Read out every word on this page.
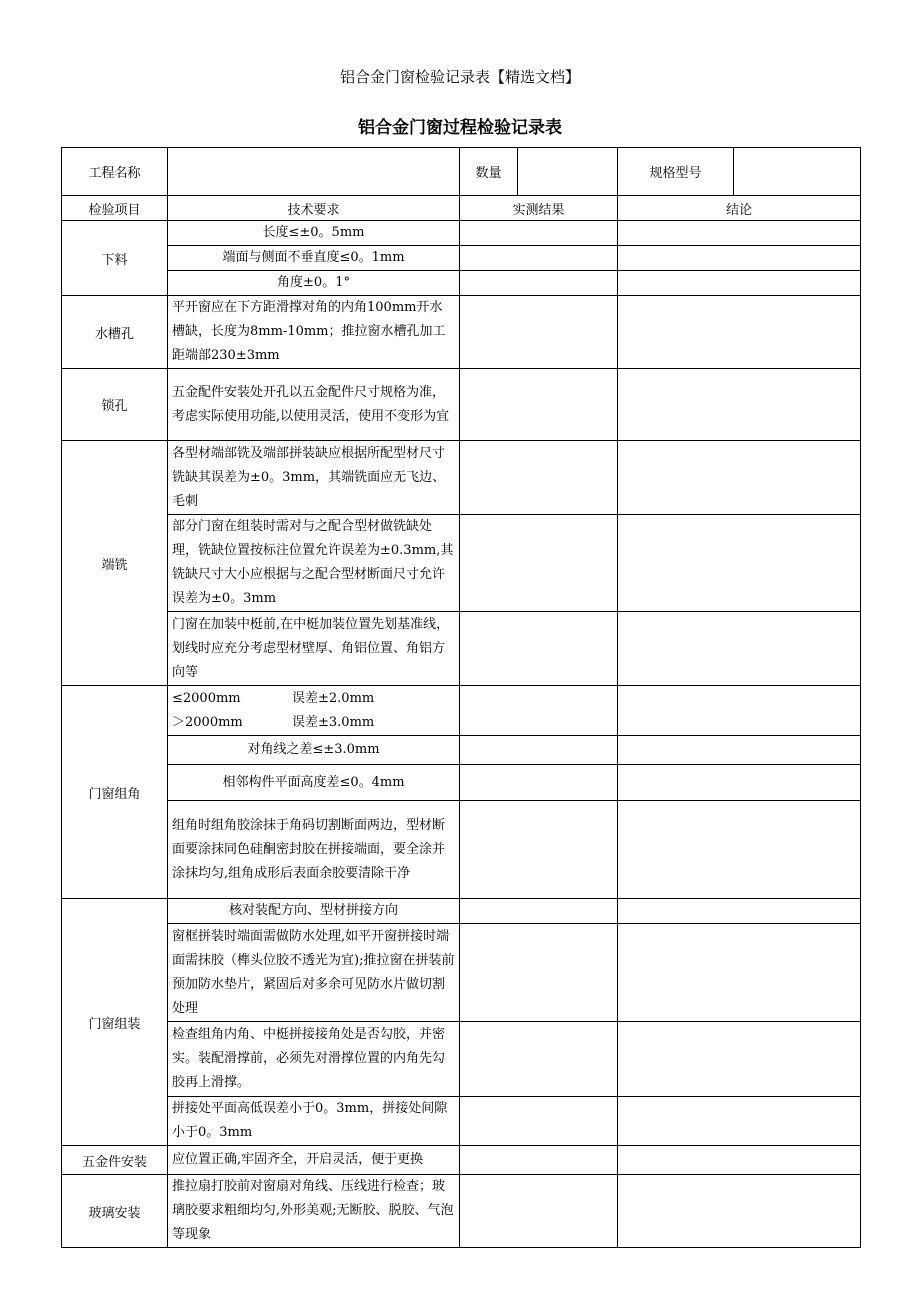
铝合金门窗检验记录表【精选文档】
铝合金门窗过程检验记录表
工程名称		数量		规格型号	
检验项目	技术要求	实测结果		结论	
下料	长度≤±0。5mm				
	端面与侧面不垂直度≤0。1mm				
	角度±0。1°				
水槽孔	平开窗应在下方距滑撑对角的内角100mm开水槽缺，长度为8mm-10mm；推拉窗水槽孔加工距端部230±3mm				
锁孔	五金配件安装处开孔以五金配件尺寸规格为准，考虑实际使用功能,以使用灵活，使用不变形为宜				
端铣	各型材端部铣及端部拼装缺应根据所配型材尺寸铣缺其误差为±0。3mm，其端铣面应无飞边、毛刺				
	部分门窗在组装时需对与之配合型材做铣缺处理，铣缺位置按标注位置允许误差为±0.3mm,其铣缺尺寸大小应根据与之配合型材断面尺寸允许误差为±0。3mm				
	门窗在加装中梃前,在中梃加装位置先划基准线，划线时应充分考虑型材壁厚、角铝位置、角铝方向等				
门窗组角	≤2000mm 误差±2.0mm
＞2000mm 误差±3.0mm				
	对角线之差≤±3.0mm				
	相邻构件平面高度差≤0。4mm				
	组角时组角胶涂抹于角码切割断面两边，型材断面要涂抹同色硅酮密封胶在拼接端面，要全涂并涂抹均匀,组角成形后表面余胶要清除干净				
门窗组装	核对装配方向、型材拼接方向				
	窗框拼装时端面需做防水处理,如平开窗拼接时端面需抹胶（榫头位胶不透光为宜);推拉窗在拼装前预加防水垫片，紧固后对多余可见防水片做切割处理				
	检查组角内角、中梃拼接接角处是否勾胶，并密实。装配滑撑前，必须先对滑撑位置的内角先勾胶再上滑撑。				
	拼接处平面高低误差小于0。3mm，拼接处间隙小于0。3mm				
五金件安装	应位置正确,牢固齐全，开启灵活，便于更换				
玻璃安装	推拉扇打胶前对窗扇对角线、压线进行检查；玻璃胶要求粗细均匀,外形美观;无断胶、脱胶、气泡等现象				
